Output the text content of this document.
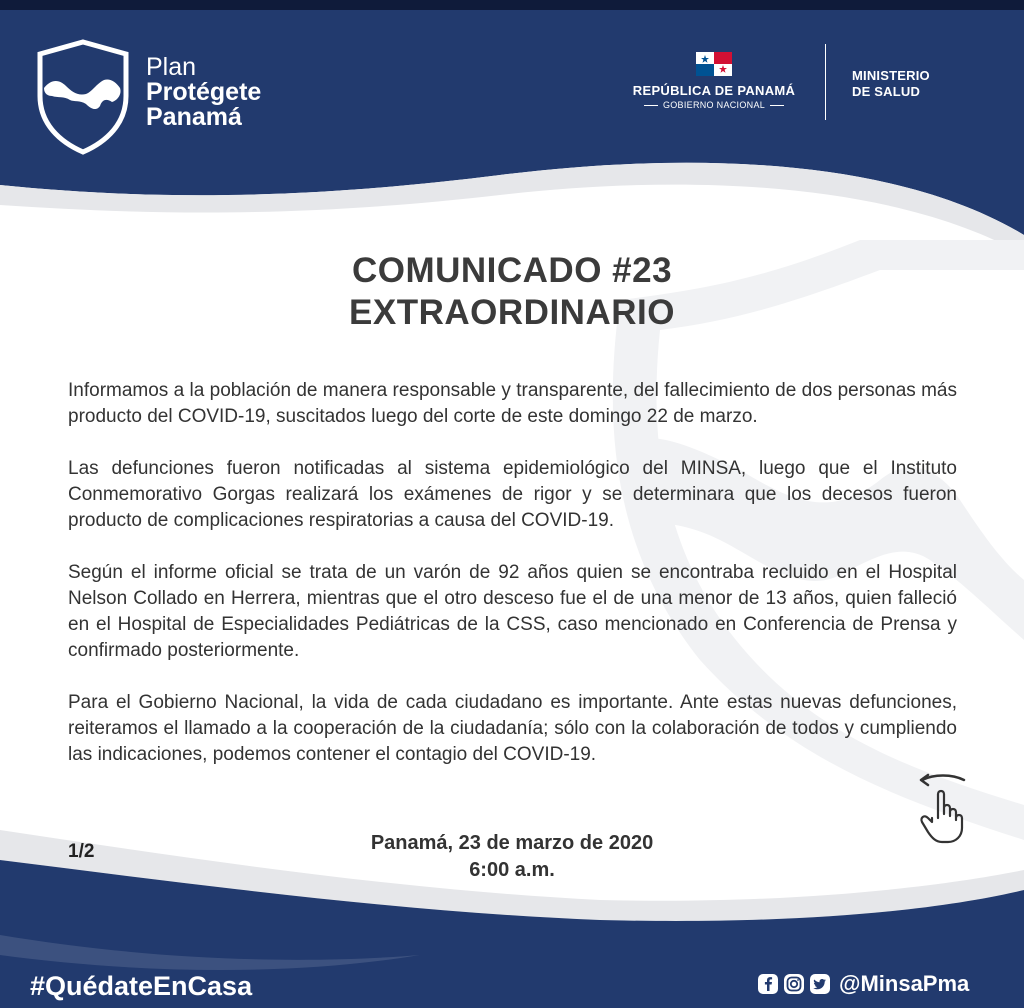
Plan
Protégete
Panamá
REPÚBLICA DE PANAMÁ
GOBIERNO NACIONAL
MINISTERIO
DE SALUD
COMUNICADO #23
EXTRAORDINARIO

Informamos a la población de manera responsable y transparente, del fallecimiento de dos personas más producto del COVID-19, suscitados luego del corte de este domingo 22 de marzo.

Las defunciones fueron notificadas al sistema epidemiológico del MINSA, luego que el Instituto Conmemorativo Gorgas realizará los exámenes de rigor y se determinara que los decesos fueron producto de complicaciones respiratorias a causa del COVID-19.

Según el informe oficial se trata de un varón de 92 años quien se encontraba recluido en el Hospital Nelson Collado en Herrera, mientras que el otro desceso fue el de una menor de 13 años, quien falleció en el Hospital de Especialidades Pediátricas de la CSS, caso mencionado en Conferencia de Prensa y confirmado posteriormente.

Para el Gobierno Nacional, la vida de cada ciudadano es importante. Ante estas nuevas defunciones, reiteramos el llamado a la cooperación de la ciudadanía; sólo con la colaboración de todos y cumpliendo las indicaciones, podemos contener el contagio del COVID-19.

1/2	Panamá, 23 de marzo de 2020
6:00 a.m.
#QuédateEnCasa	@MinsaPma
